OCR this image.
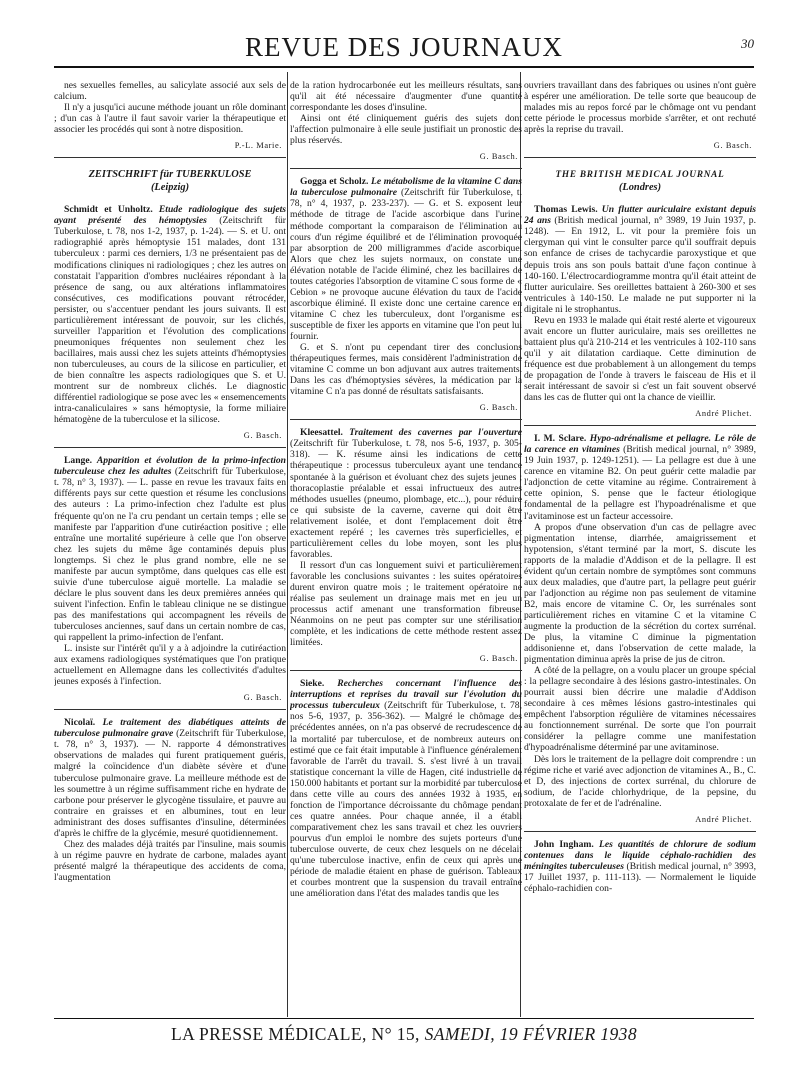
REVUE DES JOURNAUX	30

nes sexuelles femelles, au salicylate associé aux sels de calcium.

Il n'y a jusqu'ici aucune méthode jouant un rôle dominant ; d'un cas à l'autre il faut savoir varier la thérapeutique et associer les procédés qui sont à notre disposition.

P.-L. Marie.
ZEITSCHRIFT für TUBERKULOSE
(Leipzig)

Schmidt et Unholtz. Etude radiologique des sujets ayant présenté des hémoptysies (Zeitschrift für Tuberkulose, t. 78, nos 1-2, 1937, p. 1-24). — S. et U. ont radiographié après hémoptysie 151 malades, dont 131 tuberculeux : parmi ces derniers, 1/3 ne présentaient pas de modifications cliniques ni radiologiques ; chez les autres on constatait l'apparition d'ombres nucléaires répondant à la présence de sang, ou aux altérations inflammatoires consécutives, ces modifications pouvant rétrocéder, persister, ou s'accentuer pendant les jours suivants. Il est particulièrement intéressant de pouvoir, sur les clichés, surveiller l'apparition et l'évolution des complications pneumoniques fréquentes non seulement chez les bacillaires, mais aussi chez les sujets atteints d'hémoptysies non tuberculeuses, au cours de la silicose en particulier, et de bien connaître les aspects radiologiques que S. et U. montrent sur de nombreux clichés. Le diagnostic différentiel radiologique se pose avec les « ensemencements intra-canaliculaires » sans hémoptysie, la forme miliaire hématogène de la tuberculose et la silicose.

G. Basch.

Lange. Apparition et évolution de la primo-infection tuberculeuse chez les adultes (Zeitschrift für Tuberkulose, t. 78, n° 3, 1937). — L. passe en revue les travaux faits en différents pays sur cette question et résume les conclusions des auteurs : La primo-infection chez l'adulte est plus fréquente qu'on ne l'a cru pendant un certain temps ; elle se manifeste par l'apparition d'une cutiréaction positive ; elle entraîne une mortalité supérieure à celle que l'on observe chez les sujets du même âge contaminés depuis plus longtemps. Si chez le plus grand nombre, elle ne se manifeste par aucun symptôme, dans quelques cas elle est suivie d'une tuberculose aiguë mortelle. La maladie se déclare le plus souvent dans les deux premières années qui suivent l'infection. Enfin le tableau clinique ne se distingue pas des manifestations qui accompagnent les réveils de tuberculoses anciennes, sauf dans un certain nombre de cas, qui rappellent la primo-infection de l'enfant.

L. insiste sur l'intérêt qu'il y a à adjoindre la cutiréaction aux examens radiologiques systématiques que l'on pratique actuellement en Allemagne dans les collectivités d'adultes jeunes exposés à l'infection.

G. Basch.

Nicolaï. Le traitement des diabétiques atteints de tuberculose pulmonaire grave (Zeitschrift für Tuberkulose, t. 78, n° 3, 1937). — N. rapporte 4 démonstratives observations de malades qui furent pratiquement guéris, malgré la coïncidence d'un diabète sévère et d'une tuberculose pulmonaire grave. La meilleure méthode est de les soumettre à un régime suffisamment riche en hydrate de carbone pour préserver le glycogène tissulaire, et pauvre au contraire en graisses et en albumines, tout en leur administrant des doses suffisantes d'insuline, déterminées d'après le chiffre de la glycémie, mesuré quotidiennement.

Chez des malades déjà traités par l'insuline, mais soumis à un régime pauvre en hydrate de carbone, malades ayant présenté malgré la thérapeutique des accidents de coma, l'augmentation

de la ration hydrocarbonée eut les meilleurs résultats, sans qu'il ait été nécessaire d'augmenter d'une quantité correspondante les doses d'insuline.

Ainsi ont été cliniquement guéris des sujets dont l'affection pulmonaire à elle seule justifiait un pronostic des plus réservés.

G. Basch.

Gogga et Scholz. Le métabolisme de la vitamine C dans la tuberculose pulmonaire (Zeitschrift für Tuberkulose, t. 78, n° 4, 1937, p. 233-237). — G. et S. exposent leur méthode de titrage de l'acide ascorbique dans l'urine, méthode comportant la comparaison de l'élimination au cours d'un régime équilibré et de l'élimination provoquée par absorption de 200 milligrammes d'acide ascorbique. Alors que chez les sujets normaux, on constate une élévation notable de l'acide éliminé, chez les bacillaires de toutes catégories l'absorption de vitamine C sous forme de « Cebion » ne provoque aucune élévation du taux de l'acide ascorbique éliminé. Il existe donc une certaine carence en vitamine C chez les tuberculeux, dont l'organisme est susceptible de fixer les apports en vitamine que l'on peut lui fournir.

G. et S. n'ont pu cependant tirer des conclusions thérapeutiques fermes, mais considèrent l'administration de vitamine C comme un bon adjuvant aux autres traitements. Dans les cas d'hémoptysies sévères, la médication par la vitamine C n'a pas donné de résultats satisfaisants.

G. Basch.

Kleesattel. Traitement des cavernes par l'ouverture (Zeitschrift für Tuberkulose, t. 78, nos 5-6, 1937, p. 305-318). — K. résume ainsi les indications de cette thérapeutique : processus tuberculeux ayant une tendance spontanée à la guérison et évoluant chez des sujets jeunes ; thoracoplastie préalable et essai infructueux des autres méthodes usuelles (pneumo, plombage, etc...), pour réduire ce qui subsiste de la caverne, caverne qui doit être relativement isolée, et dont l'emplacement doit être exactement repéré ; les cavernes très superficielles, et particulièrement celles du lobe moyen, sont les plus favorables.

Il ressort d'un cas longuement suivi et particulièrement favorable les conclusions suivantes : les suites opératoires durent environ quatre mois ; le traitement opératoire ne réalise pas seulement un drainage mais met en jeu un processus actif amenant une transformation fibreuse. Néanmoins on ne peut pas compter sur une stérilisation complète, et les indications de cette méthode restent assez limitées.

G. Basch.

Sieke. Recherches concernant l'influence des interruptions et reprises du travail sur l'évolution du processus tuberculeux (Zeitschrift für Tuberkulose, t. 78, nos 5-6, 1937, p. 356-362). — Malgré le chômage des précédentes années, on n'a pas observé de recrudescence de la mortalité par tuberculose, et de nombreux auteurs ont estimé que ce fait était imputable à l'influence généralement favorable de l'arrêt du travail. S. s'est livré à un travail statistique concernant la ville de Hagen, cité industrielle de 150.000 habitants et portant sur la morbidité par tuberculose dans cette ville au cours des années 1932 à 1935, en fonction de l'importance décroissante du chômage pendant ces quatre années. Pour chaque année, il a établi comparativement chez les sans travail et chez les ouvriers pourvus d'un emploi le nombre des sujets porteurs d'une tuberculose ouverte, de ceux chez lesquels on ne décelait qu'une tuberculose inactive, enfin de ceux qui après une période de maladie étaient en phase de guérison. Tableaux et courbes montrent que la suspension du travail entraîne une amélioration dans l'état des malades tandis que les

ouvriers travaillant dans des fabriques ou usines n'ont guère à espérer une amélioration. De telle sorte que beaucoup de malades mis au repos forcé par le chômage ont vu pendant cette période le processus morbide s'arrêter, et ont rechuté après la reprise du travail.

G. Basch.
THE BRITISH MEDICAL JOURNAL
(Londres)

Thomas Lewis. Un flutter auriculaire existant depuis 24 ans (British medical journal, n° 3989, 19 Juin 1937, p. 1248). — En 1912, L. vit pour la première fois un clergyman qui vint le consulter parce qu'il souffrait depuis son enfance de crises de tachycardie paroxystique et que depuis trois ans son pouls battait d'une façon continue à 140-160. L'électrocardiogramme montra qu'il était atteint de flutter auriculaire. Ses oreillettes battaient à 260-300 et ses ventricules à 140-150. Le malade ne put supporter ni la digitale ni le strophantus.

Revu en 1933 le malade qui était resté alerte et vigoureux avait encore un flutter auriculaire, mais ses oreillettes ne battaient plus qu'à 210-214 et les ventricules à 102-110 sans qu'il y ait dilatation cardiaque. Cette diminution de fréquence est due probablement à un allongement du temps de propagation de l'onde à travers le faisceau de His et il serait intéressant de savoir si c'est un fait souvent observé dans les cas de flutter qui ont la chance de vieillir.

André Plichet.

I. M. Sclare. Hypo-adrénalisme et pellagre. Le rôle de la carence en vitamines (British medical journal, n° 3989, 19 Juin 1937, p. 1249-1251). — La pellagre est due à une carence en vitamine B2. On peut guérir cette maladie par l'adjonction de cette vitamine au régime. Contrairement à cette opinion, S. pense que le facteur étiologique fondamental de la pellagre est l'hypoadrénalisme et que l'avitaminose est un facteur accessoire.

A propos d'une observation d'un cas de pellagre avec pigmentation intense, diarrhée, amaigrissement et hypotension, s'étant terminé par la mort, S. discute les rapports de la maladie d'Addison et de la pellagre. Il est évident qu'un certain nombre de symptômes sont communs aux deux maladies, que d'autre part, la pellagre peut guérir par l'adjonction au régime non pas seulement de vitamine B2, mais encore de vitamine C. Or, les surrénales sont particulièrement riches en vitamine C et la vitamine C augmente la production de la sécrétion du cortex surrénal. De plus, la vitamine C diminue la pigmentation addisonienne et, dans l'observation de cette malade, la pigmentation diminua après la prise de jus de citron.

A côté de la pellagre, on a voulu placer un groupe spécial : la pellagre secondaire à des lésions gastro-intestinales. On pourrait aussi bien décrire une maladie d'Addison secondaire à ces mêmes lésions gastro-intestinales qui empêchent l'absorption régulière de vitamines nécessaires au fonctionnement surrénal. De sorte que l'on pourrait considérer la pellagre comme une manifestation d'hypoadrénalisme déterminé par une avitaminose.

Dès lors le traitement de la pellagre doit comprendre : un régime riche et varié avec adjonction de vitamines A., B., C. et D, des injections de cortex surrénal, du chlorure de sodium, de l'acide chlorhydrique, de la pepsine, du protoxalate de fer et de l'adrénaline.

André Plichet.

John Ingham. Les quantités de chlorure de sodium contenues dans le liquide céphalo-rachidien des méningites tuberculeuses (British medical journal, n° 3993, 17 Juillet 1937, p. 111-113). — Normalement le liquide céphalo-rachidien con-

LA PRESSE MÉDICALE, N° 15, SAMEDI, 19 FÉVRIER 1938
